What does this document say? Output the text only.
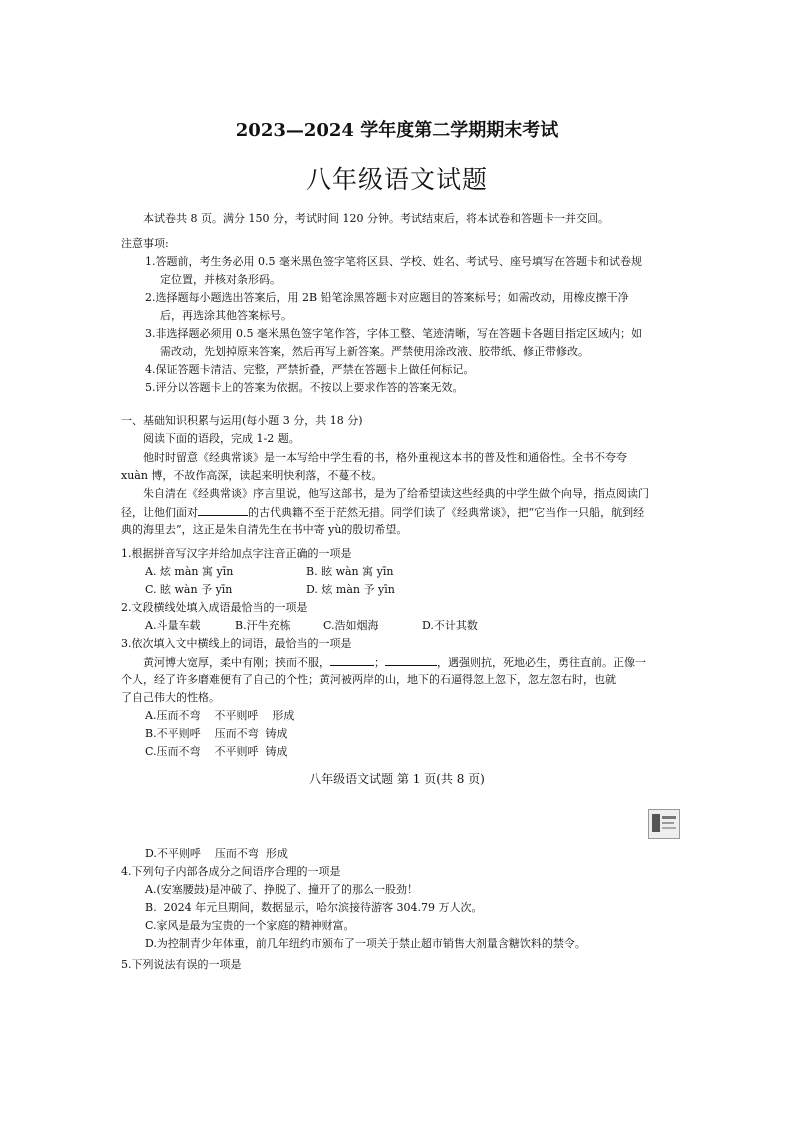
2023—2024 学年度第二学期期末考试
八年级语文试题
本试卷共 8 页。满分 150 分，考试时间 120 分钟。考试结束后，将本试卷和答题卡一并交回。
注意事项:
1.答题前，考生务必用 0.5 毫米黑色签字笔将区县、学校、姓名、考试号、座号填写在答题卡和试卷规
定位置，并核对条形码。
2.选择题每小题选出答案后，用 2B 铅笔涂黑答题卡对应题目的答案标号；如需改动，用橡皮擦干净
后，再选涂其他答案标号。
3.非选择题必须用 0.5 毫米黑色签字笔作答，字体工整、笔迹清晰，写在答题卡各题目指定区域内；如
需改动，先划掉原来答案，然后再写上新答案。严禁使用涂改液、胶带纸、修正带修改。
4.保证答题卡清洁、完整，严禁折叠，严禁在答题卡上做任何标记。
5.评分以答题卡上的答案为依据。不按以上要求作答的答案无效。
一、基础知识积累与运用(每小题 3 分，共 18 分)
阅读下面的语段，完成 1-2 题。
他时时留意《经典常谈》是一本写给中学生看的书，格外重视这本书的普及性和通俗性。全书不夸夸
xuàn 博，不故作高深，读起来明快利落，不蔓不枝。
朱自清在《经典常谈》序言里说，他写这部书，是为了给希望读这些经典的中学生做个向导，指点阅读门
径，让他们面对	的古代典籍不至于茫然无措。同学们读了《经典常谈》，把“它当作一只船，航到经
典的海里去”，这正是朱自清先生在书中寄 yù的殷切希望。
1.根据拼音写汉字并给加点字注音正确的一项是
A. 炫 màn 寓 yīn	B. 眩 wàn 寓 yīn
C. 眩 wàn 予 yīn	D. 炫 màn 予 yīn
2.文段横线处填入成语最恰当的一项是
A.斗量车载	B.汗牛充栋	C.浩如烟海	D.不计其数
3.依次填入文中横线上的词语，最恰当的一项是
黄河博大宽厚，柔中有刚；挟而不服，	；	，遇强则抗，死地必生，勇往直前。正像一
个人，经了许多磨难便有了自己的个性；黄河被两岸的山，地下的石逼得忽上忽下，忽左忽右时，也就
了自己伟大的性格。
A.压而不弯    不平则呼    形成
B.不平则呼    压而不弯  铸成
C.压而不弯    不平则呼  铸成
八年级语文试题 第 1 页(共 8 页)
D.不平则呼    压而不弯  形成
4.下列句子内部各成分之间语序合理的一项是
A.(安塞腰鼓)是冲破了、挣脱了、撞开了的那么一股劲！
B.  2024 年元旦期间，数据显示，哈尔滨接待游客 304.79 万人次。
C.家风是最为宝贵的一个家庭的精神财富。
D.为控制青少年体重，前几年纽约市颁布了一项关于禁止超市销售大剂量含糖饮料的禁令。
5.下列说法有误的一项是
